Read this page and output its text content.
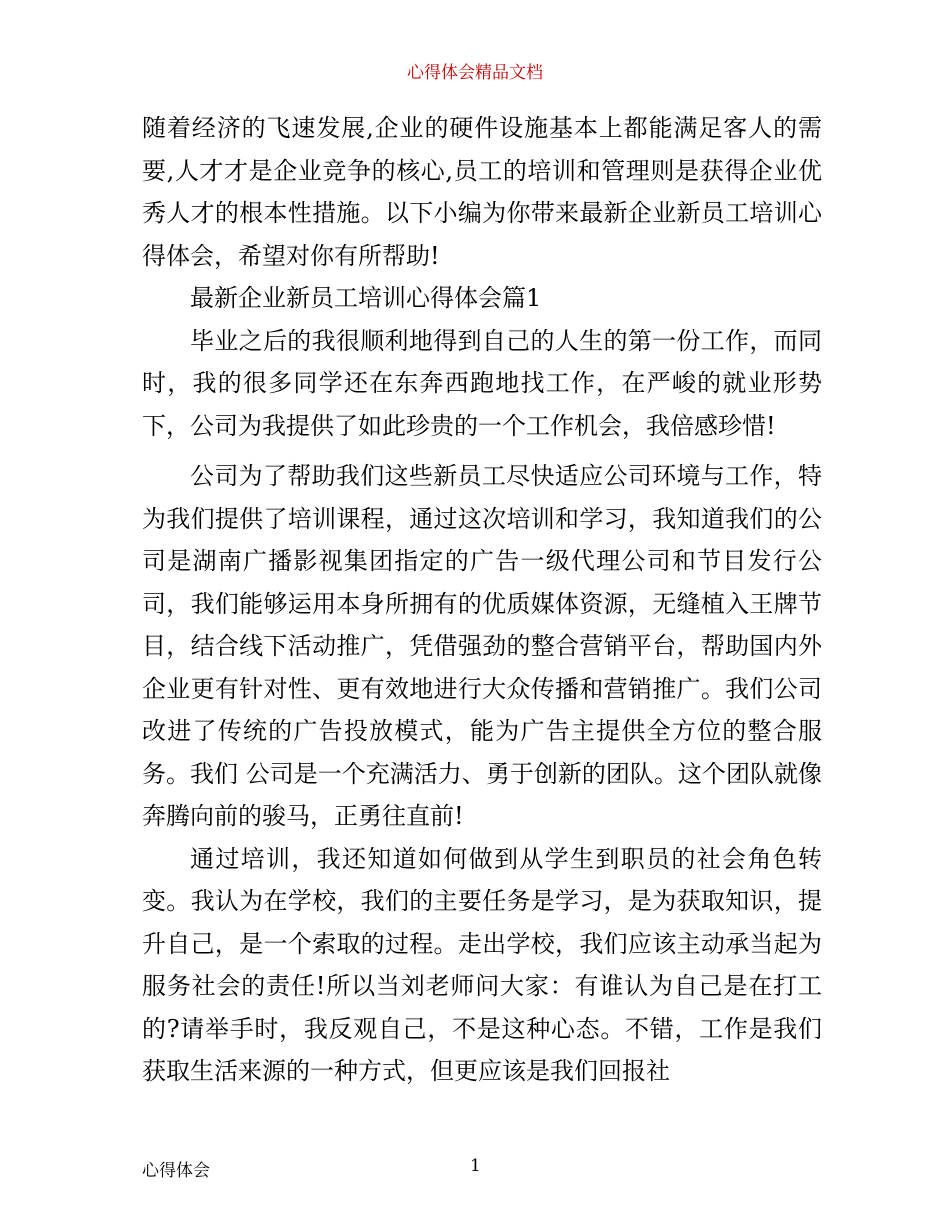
心得体会精品文档

随着经济的飞速发展,企业的硬件设施基本上都能满足客人的需要,人才才是企业竞争的核心,员工的培训和管理则是获得企业优秀人才的根本性措施。以下小编为你带来最新企业新员工培训心得体会，希望对你有所帮助!

最新企业新员工培训心得体会篇1

毕业之后的我很顺利地得到自己的人生的第一份工作，而同时，我的很多同学还在东奔西跑地找工作，在严峻的就业形势下，公司为我提供了如此珍贵的一个工作机会，我倍感珍惜!

公司为了帮助我们这些新员工尽快适应公司环境与工作，特为我们提供了培训课程，通过这次培训和学习，我知道我们的公司是湖南广播影视集团指定的广告一级代理公司和节目发行公司，我们能够运用本身所拥有的优质媒体资源，无缝植入王牌节目，结合线下活动推广，凭借强劲的整合营销平台，帮助国内外企业更有针对性、更有效地进行大众传播和营销推广。我们公司改进了传统的广告投放模式，能为广告主提供全方位的整合服务。我们 公司是一个充满活力、勇于创新的团队。这个团队就像奔腾向前的骏马，正勇往直前!

通过培训，我还知道如何做到从学生到职员的社会角色转变。我认为在学校，我们的主要任务是学习，是为获取知识，提升自己，是一个索取的过程。走出学校，我们应该主动承当起为服务社会的责任!所以当刘老师问大家：有谁认为自己是在打工的?请举手时，我反观自己，不是这种心态。不错，工作是我们获取生活来源的一种方式，但更应该是我们回报社

心得体会	1
